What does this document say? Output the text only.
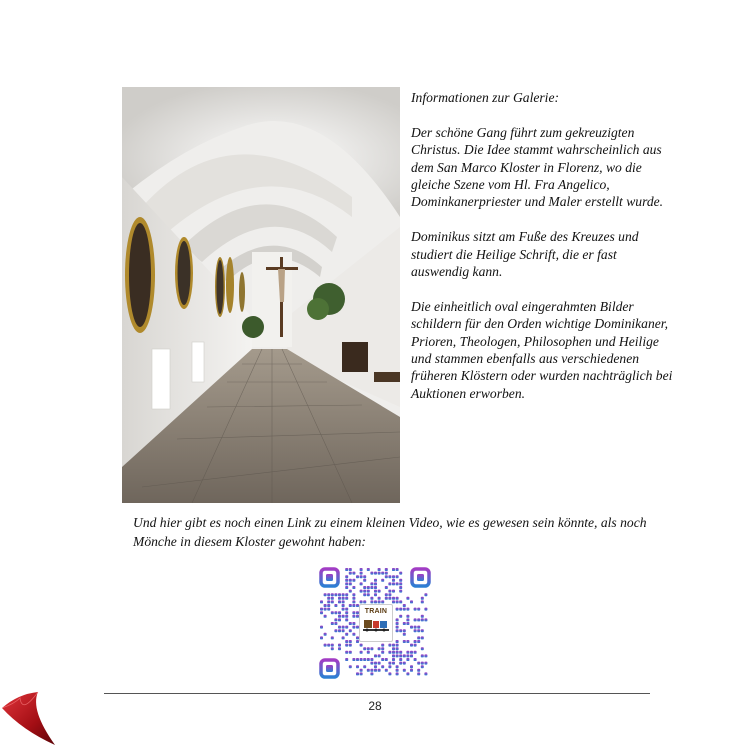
Informationen zur Galerie:

Der schöne Gang führt zum gekreuzigten Christus. Die Idee stammt wahrscheinlich aus dem San Marco Kloster in Florenz, wo die gleiche Szene vom Hl. Fra Angelico, Dominkanerpriester und Maler erstellt wurde.

Dominikus sitzt am Fuße des Kreuzes und studiert die Heilige Schrift, die er fast auswendig kann.

Die einheitlich oval eingerahmten Bilder schildern für den Orden wichtige Dominikaner, Prioren, Theologen, Philosophen und Heilige und stammen ebenfalls aus verschiedenen früheren Klöstern oder wurden nachträglich bei Auktionen erworben.

Und hier gibt es noch einen Link zu einem kleinen Video, wie es gewesen sein könnte, als noch Mönche in diesem Kloster gewohnt haben:
TRAIN
28
